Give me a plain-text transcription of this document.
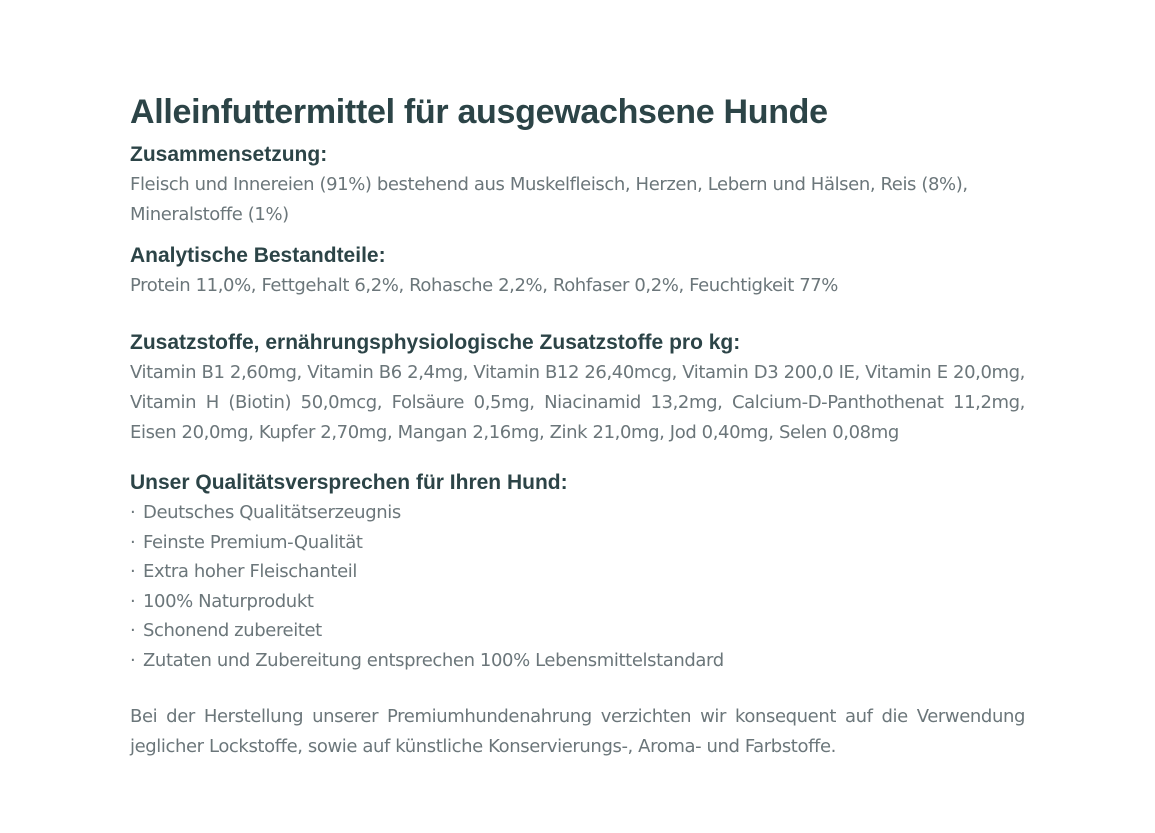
Alleinfuttermittel für ausgewachsene Hunde

Zusammensetzung:

Fleisch und Innereien (91%) bestehend aus Muskelfleisch, Herzen, Lebern und Hälsen, Reis (8%), Mineralstoffe (1%)

Analytische Bestandteile:

Protein 11,0%, Fettgehalt 6,2%, Rohasche 2,2%, Rohfaser 0,2%, Feuchtigkeit 77%

Zusatzstoffe, ernährungsphysiologische Zusatzstoffe pro kg:

Vitamin B1 2,60mg, Vitamin B6 2,4mg, Vitamin B12 26,40mcg, Vitamin D3 200,0 IE, Vitamin E 20,0mg, Vitamin H (Biotin) 50,0mcg, Folsäure 0,5mg, Niacinamid 13,2mg, Calcium-D-Panthothenat 11,2mg, Eisen 20,0mg, Kupfer 2,70mg, Mangan 2,16mg, Zink 21,0mg, Jod 0,40mg, Selen 0,08mg

Unser Qualitätsversprechen für Ihren Hund:

· Deutsches Qualitätserzeugnis
· Feinste Premium-Qualität
· Extra hoher Fleischanteil
· 100% Naturprodukt
· Schonend zubereitet
· Zutaten und Zubereitung entsprechen 100% Lebensmittelstandard

Bei der Herstellung unserer Premiumhundenahrung verzichten wir konsequent auf die Verwendung jeglicher Lockstoffe, sowie auf künstliche Konservierungs-, Aroma- und Farbstoffe.
